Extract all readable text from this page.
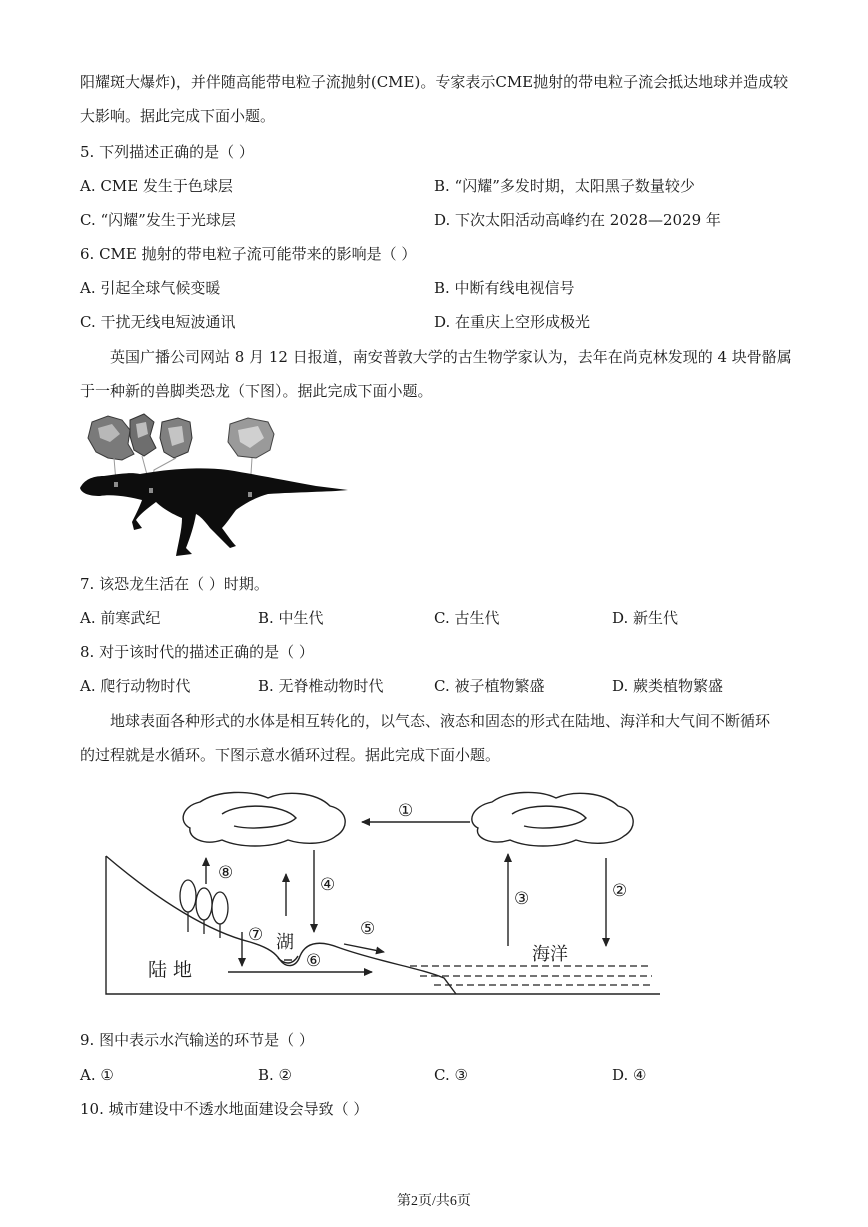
阳耀斑大爆炸)，并伴随高能带电粒子流抛射(CME)。专家表示CME抛射的带电粒子流会抵达地球并造成较
大影响。据此完成下面小题。
5. 下列描述正确的是（ ）
A. CME 发生于色球层	B. “闪耀”多发时期，太阳黑子数量较少
C. “闪耀”发生于光球层	D. 下次太阳活动高峰约在 2028—2029 年
6. CME 抛射的带电粒子流可能带来的影响是（ ）
A. 引起全球气候变暖	B. 中断有线电视信号
C. 干扰无线电短波通讯	D. 在重庆上空形成极光
英国广播公司网站 8 月 12 日报道，南安普敦大学的古生物学家认为，去年在尚克林发现的 4 块骨骼属
于一种新的兽脚类恐龙（下图）。据此完成下面小题。
7. 该恐龙生活在（ ）时期。
A. 前寒武纪	B. 中生代	C. 古生代	D. 新生代
8. 对于该时代的描述正确的是（ ）
A. 爬行动物时代	B. 无脊椎动物时代	C. 被子植物繁盛	D. 蕨类植物繁盛
地球表面各种形式的水体是相互转化的，以气态、液态和固态的形式在陆地、海洋和大气间不断循环
的过程就是水循环。下图示意水循环过程。据此完成下面小题。
①
②
③
④
⑤
⑥
⑦
⑧
湖
陆 地
海洋
9. 图中表示水汽输送的环节是（ ）
A. ①	B. ②	C. ③	D. ④
10. 城市建设中不透水地面建设会导致（ ）
第2页/共6页
